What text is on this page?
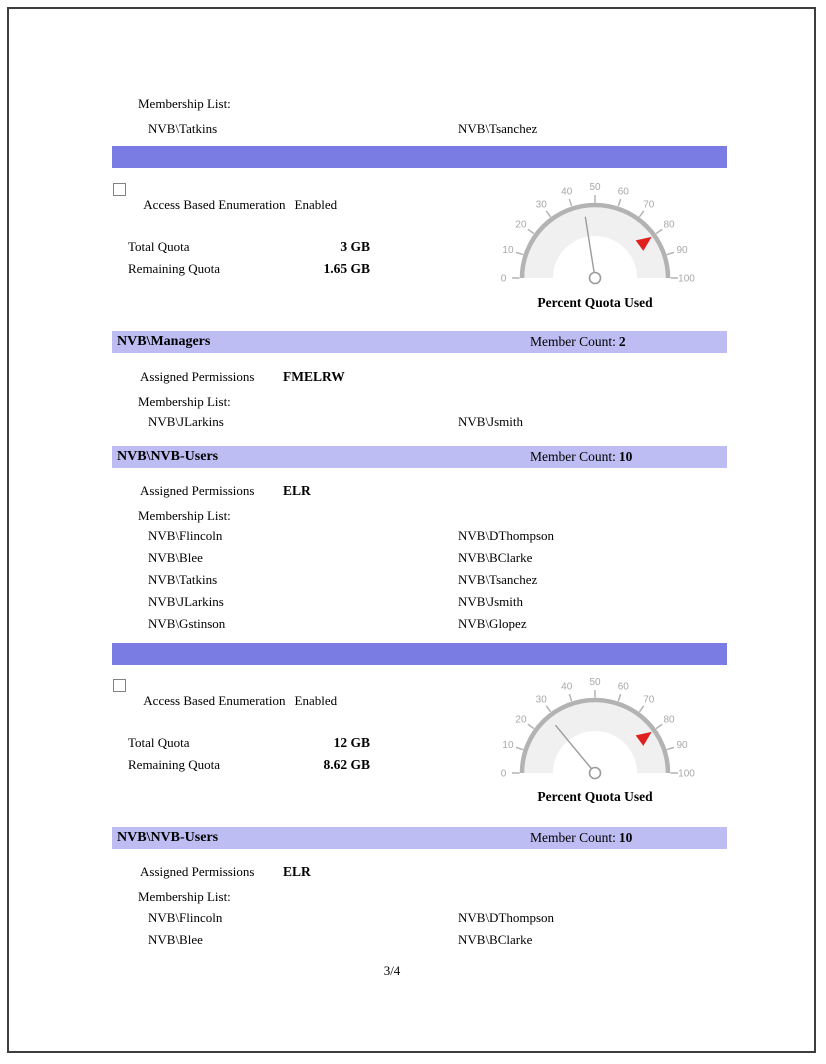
Membership List:
NVB\Tatkins	NVB\Tsanchez

\\nvb-main.nvb.local\Shares\Forms

Access Based Enumeration Enabled

Total Quota	3 GB
Remaining Quota	1.65 GB
0
10
20
30
40 50 60
70
80
90
100
Percent Quota Used
NVB\Managers	Member Count: 2
Assigned Permissions FMELRW
Membership List:
NVB\JLarkins	NVB\Jsmith
NVB\NVB-Users	Member Count: 10
Assigned Permissions ELR
Membership List:
NVB\Flincoln	NVB\DThompson
NVB\Blee	NVB\BClarke
NVB\Tatkins	NVB\Tsanchez
NVB\JLarkins	NVB\Jsmith
NVB\Gstinson	NVB\Glopez

\\nvb-main.nvb.local\Shares\Home

Access Based Enumeration Enabled

Total Quota	12 GB
Remaining Quota	8.62 GB
0
10
20
30
40 50 60
70
80
90
100
Percent Quota Used
NVB\NVB-Users	Member Count: 10
Assigned Permissions ELR
Membership List:
NVB\Flincoln	NVB\DThompson
NVB\Blee	NVB\BClarke
3/4
